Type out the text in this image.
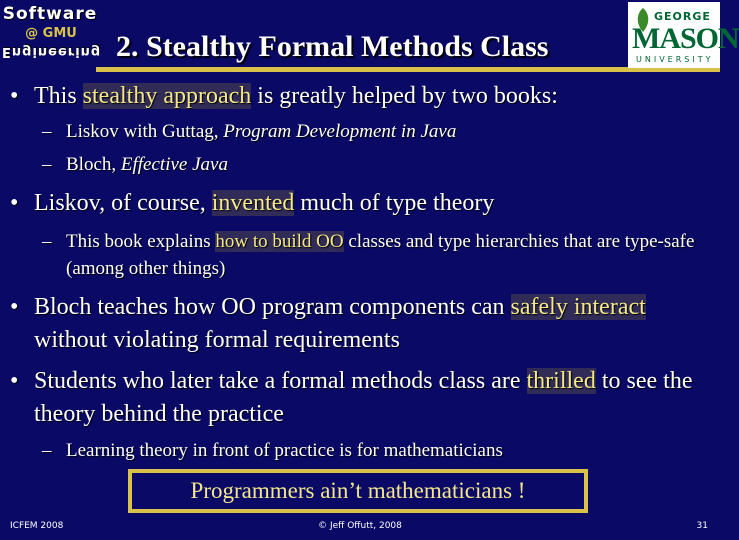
Software
@ GMU
Engineering 2. Stealthy Formal Methods Class
GEORGE
MASON
UNIVERSITY
• This stealthy approach is greatly helped by two books:
– Liskov with Guttag, Program Development in Java
– Bloch, Effective Java
• Liskov, of course, invented much of type theory
– This book explains how to build OO classes and type hierarchies that are type-safe (among other things)
• Bloch teaches how OO program components can safely interact without violating formal requirements
• Students who later take a formal methods class are thrilled to see the theory behind the practice
– Learning theory in front of practice is for mathematicians
Programmers ain’t mathematicians !
ICFEM 2008	© Jeff Offutt, 2008	31
